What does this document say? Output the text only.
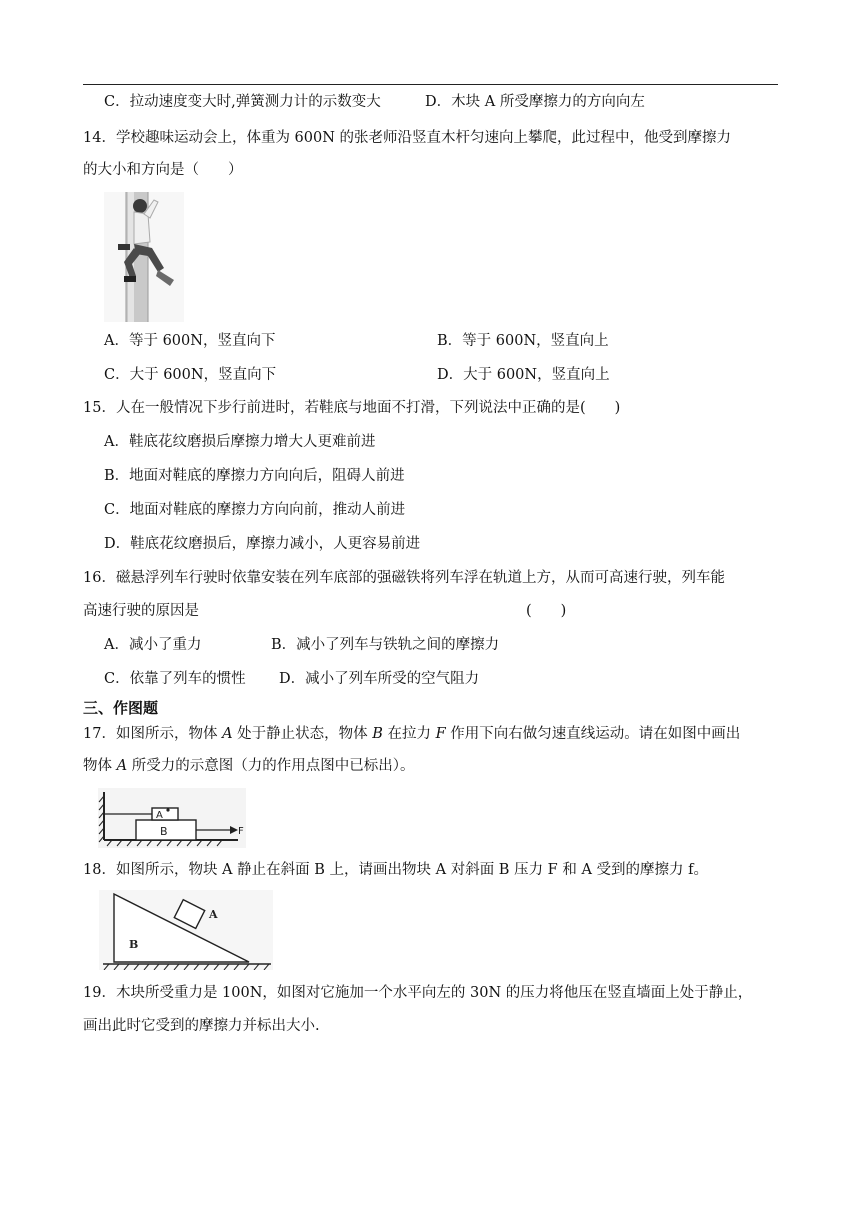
C．拉动速度变大时,弹簧测力计的示数变大	D．木块 A 所受摩擦力的方向向左
14．学校趣味运动会上，体重为 600N 的张老师沿竖直木杆匀速向上攀爬，此过程中，他受到摩擦力
的大小和方向是（　　）
A．等于 600N，竖直向下	B．等于 600N，竖直向上
C．大于 600N，竖直向下	D．大于 600N，竖直向上
15．人在一般情况下步行前进时，若鞋底与地面不打滑，下列说法中正确的是(　　)
A．鞋底花纹磨损后摩擦力增大人更难前进
B．地面对鞋底的摩擦力方向向后，阻碍人前进
C．地面对鞋底的摩擦力方向向前，推动人前进
D．鞋底花纹磨损后，摩擦力减小，人更容易前进
16．磁悬浮列车行驶时依靠安装在列车底部的强磁铁将列车浮在轨道上方，从而可高速行驶，列车能
高速行驶的原因是	(　　)
A．减小了重力	B．减小了列车与铁轨之间的摩擦力
C．依靠了列车的惯性 D．减小了列车所受的空气阻力
三、作图题
17．如图所示，物体 A 处于静止状态，物体 B 在拉力 F 作用下向右做匀速直线运动。请在如图中画出
物体 A 所受力的示意图（力的作用点图中已标出）。
A
B	F
18．如图所示，物块 A 静止在斜面 B 上，请画出物块 A 对斜面 B 压力 F 和 A 受到的摩擦力 f。
A
B
19．木块所受重力是 100N，如图对它施加一个水平向左的 30N 的压力将他压在竖直墙面上处于静止，
画出此时它受到的摩擦力并标出大小.
